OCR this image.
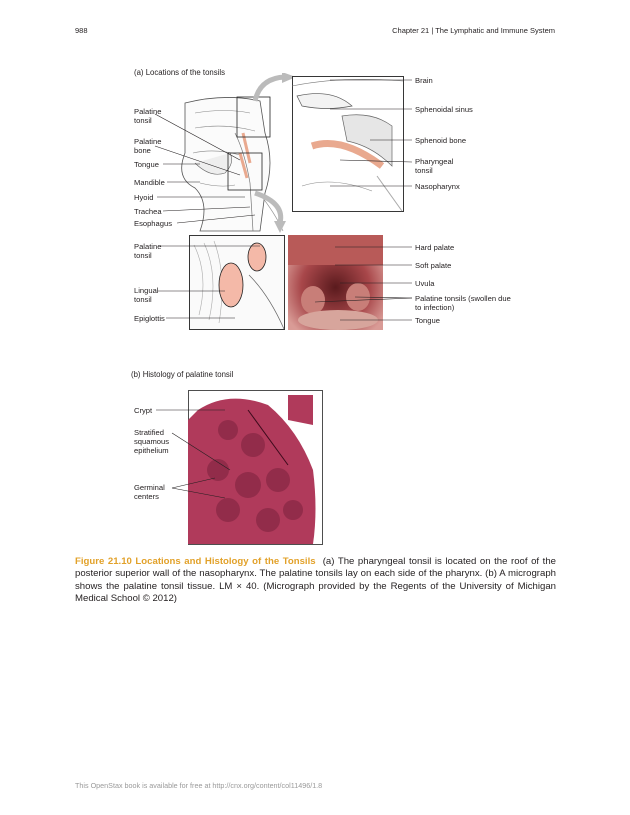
988	Chapter 21 | The Lymphatic and Immune System
(a) Locations of the tonsils
Palatine tonsil
Palatine bone
Tongue
Mandible
Hyoid
Trachea
Esophagus
Brain
Sphenoidal sinus
Sphenoid bone
Pharyngeal tonsil
Nasopharynx
Palatine tonsil
Lingual tonsil
Epiglottis
Hard palate
Soft palate
Uvula
Palatine tonsils (swollen due to infection)
Tongue
(b) Histology of palatine tonsil
Crypt
Stratified squamous epithelium
Germinal centers
Figure 21.10 Locations and Histology of the Tonsils (a) The pharyngeal tonsil is located on the roof of the posterior superior wall of the nasopharynx. The palatine tonsils lay on each side of the pharynx. (b) A micrograph shows the palatine tonsil tissue. LM × 40. (Micrograph provided by the Regents of the University of Michigan Medical School © 2012)
This OpenStax book is available for free at http://cnx.org/content/col11496/1.8
